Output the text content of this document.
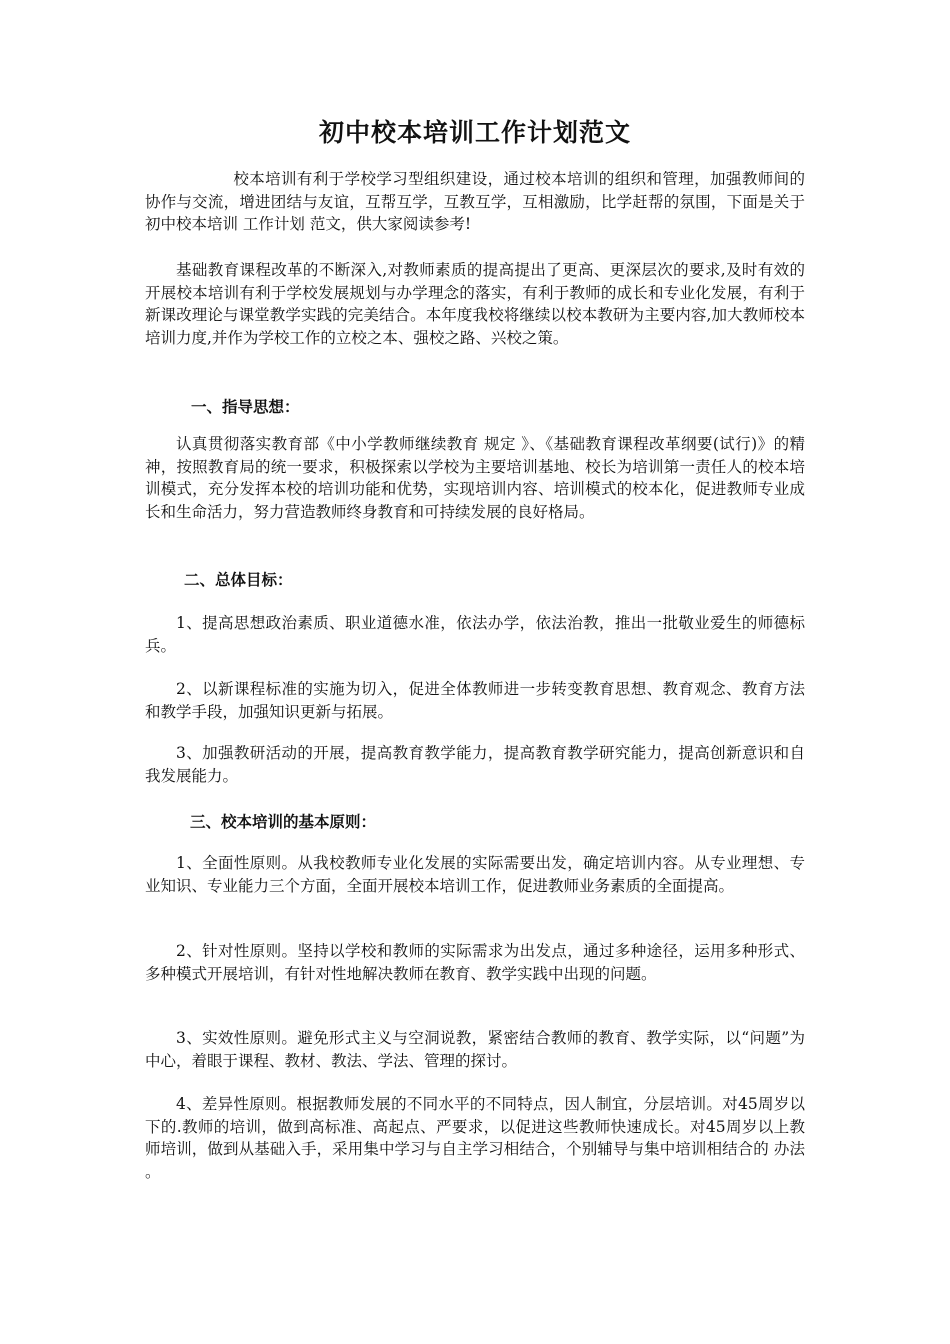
初中校本培训工作计划范文

校本培训有利于学校学习型组织建设，通过校本培训的组织和管理，加强教师间的协作与交流，增进团结与友谊，互帮互学，互教互学，互相激励，比学赶帮的氛围，下面是关于初中校本培训 工作计划 范文，供大家阅读参考!

基础教育课程改革的不断深入,对教师素质的提高提出了更高、更深层次的要求,及时有效的开展校本培训有利于学校发展规划与办学理念的落实，有利于教师的成长和专业化发展，有利于新课改理论与课堂教学实践的完美结合。本年度我校将继续以校本教研为主要内容,加大教师校本培训力度,并作为学校工作的立校之本、强校之路、兴校之策。

一、指导思想：

认真贯彻落实教育部《中小学教师继续教育 规定 》、《基础教育课程改革纲要(试行)》的精神，按照教育局的统一要求，积极探索以学校为主要培训基地、校长为培训第一责任人的校本培训模式，充分发挥本校的培训功能和优势，实现培训内容、培训模式的校本化，促进教师专业成长和生命活力，努力营造教师终身教育和可持续发展的良好格局。

二、总体目标：

1、提高思想政治素质、职业道德水准，依法办学，依法治教，推出一批敬业爱生的师德标兵。

2、以新课程标准的实施为切入，促进全体教师进一步转变教育思想、教育观念、教育方法和教学手段，加强知识更新与拓展。

3、加强教研活动的开展，提高教育教学能力，提高教育教学研究能力，提高创新意识和自我发展能力。

三、校本培训的基本原则：

1、全面性原则。从我校教师专业化发展的实际需要出发，确定培训内容。从专业理想、专业知识、专业能力三个方面，全面开展校本培训工作，促进教师业务素质的全面提高。

2、针对性原则。坚持以学校和教师的实际需求为出发点，通过多种途径，运用多种形式、多种模式开展培训，有针对性地解决教师在教育、教学实践中出现的问题。

3、实效性原则。避免形式主义与空洞说教，紧密结合教师的教育、教学实际，以“问题”为中心，着眼于课程、教材、教法、学法、管理的探讨。

4、差异性原则。根据教师发展的不同水平的不同特点，因人制宜，分层培训。对45周岁以下的.教师的培训，做到高标准、高起点、严要求，以促进这些教师快速成长。对45周岁以上教师培训，做到从基础入手，采用集中学习与自主学习相结合，个别辅导与集中培训相结合的 办法 。
